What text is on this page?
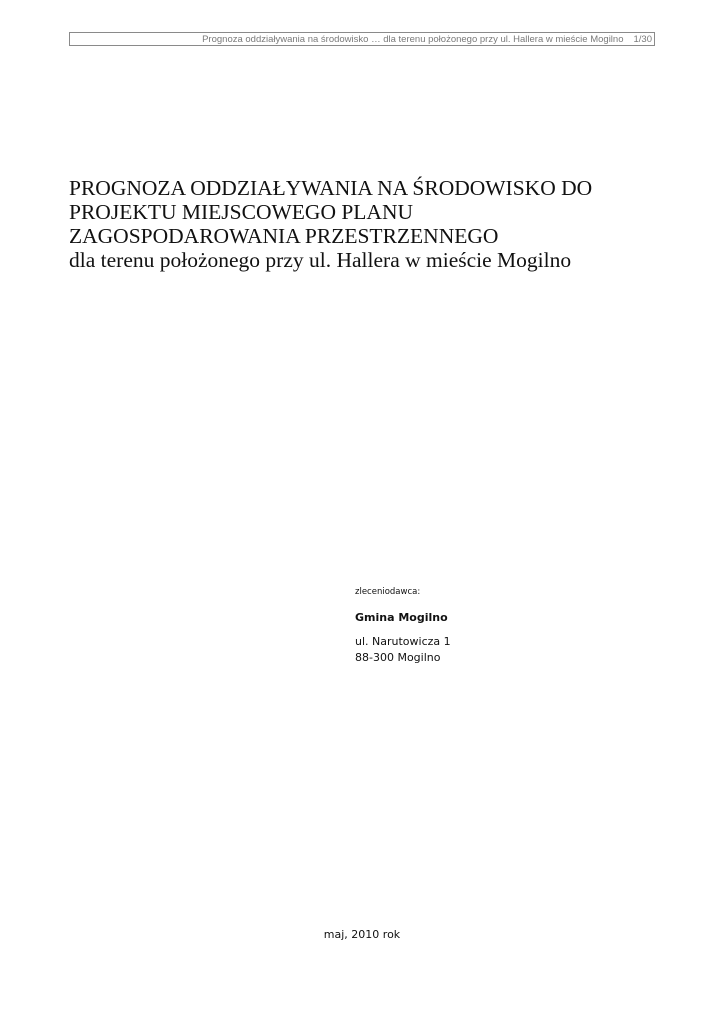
Prognoza oddziaływania na środowisko … dla terenu położonego przy ul. Hallera w mieście Mogilno	1/30
PROGNOZA ODDZIAŁYWANIA NA ŚRODOWISKO DO
PROJEKTU MIEJSCOWEGO PLANU
ZAGOSPODAROWANIA PRZESTRZENNEGO
dla terenu położonego przy ul. Hallera w mieście Mogilno
zleceniodawca:
Gmina Mogilno
ul. Narutowicza 1
88-300 Mogilno
maj, 2010 rok
